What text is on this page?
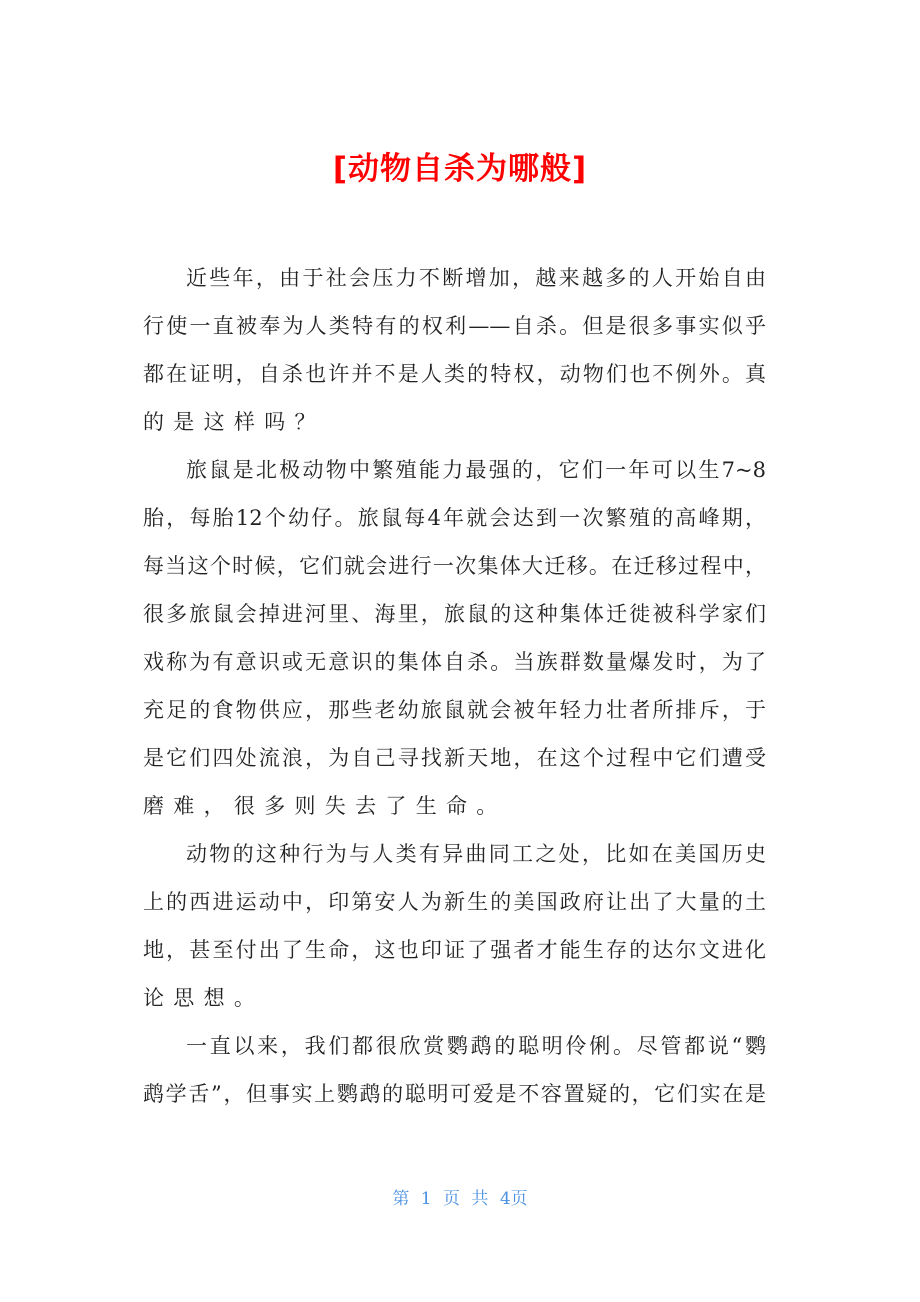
[动物自杀为哪般]
近些年，由于社会压力不断增加，越来越多的人开始自由
行使一直被奉为人类特有的权利——自杀。但是很多事实似乎
都在证明，自杀也许并不是人类的特权，动物们也不例外。真
的是这样吗？
旅鼠是北极动物中繁殖能力最强的，它们一年可以生7~8
胎，每胎12个幼仔。旅鼠每4年就会达到一次繁殖的高峰期，
每当这个时候，它们就会进行一次集体大迁移。在迁移过程中，
很多旅鼠会掉进河里、海里，旅鼠的这种集体迁徙被科学家们
戏称为有意识或无意识的集体自杀。当族群数量爆发时，为了
充足的食物供应，那些老幼旅鼠就会被年轻力壮者所排斥，于
是它们四处流浪，为自己寻找新天地，在这个过程中它们遭受
磨难，很多则失去了生命。
动物的这种行为与人类有异曲同工之处，比如在美国历史
上的西进运动中，印第安人为新生的美国政府让出了大量的土
地，甚至付出了生命，这也印证了强者才能生存的达尔文进化
论思想。
一直以来，我们都很欣赏鹦鹉的聪明伶俐。尽管都说“鹦
鹉学舌”，但事实上鹦鹉的聪明可爱是不容置疑的，它们实在是
第 1 页 共 4页
